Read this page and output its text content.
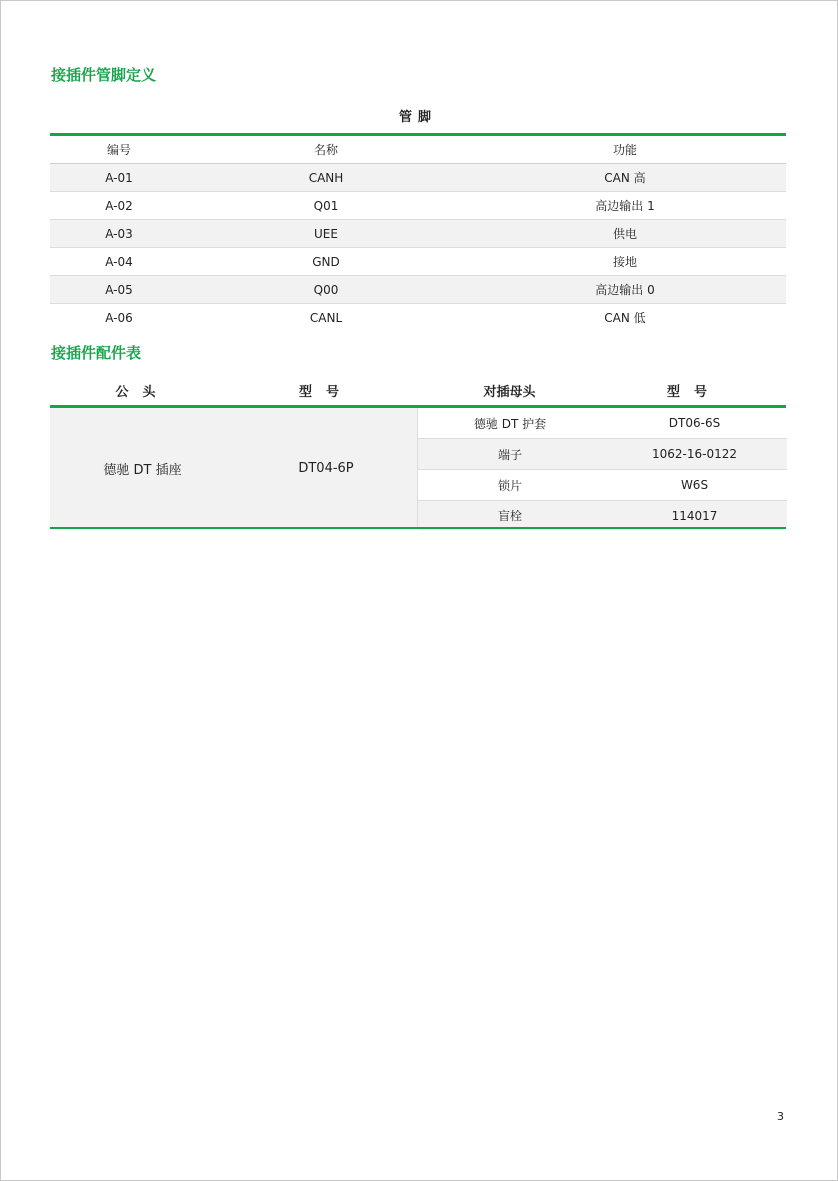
接插件管脚定义
管脚
编号	名称	功能
A-01	CANH	CAN 高
A-02	Q01	高边输出 1
A-03	UEE	供电
A-04	GND	接地
A-05	Q00	高边输出 0
A-06	CANL	CAN 低
接插件配件表
公头	型号	对插母头	型号
德驰 DT 插座	DT04-6P
德驰 DT 护套	DT06-6S
端子	1062-16-0122
锁片	W6S
盲栓	114017
3
